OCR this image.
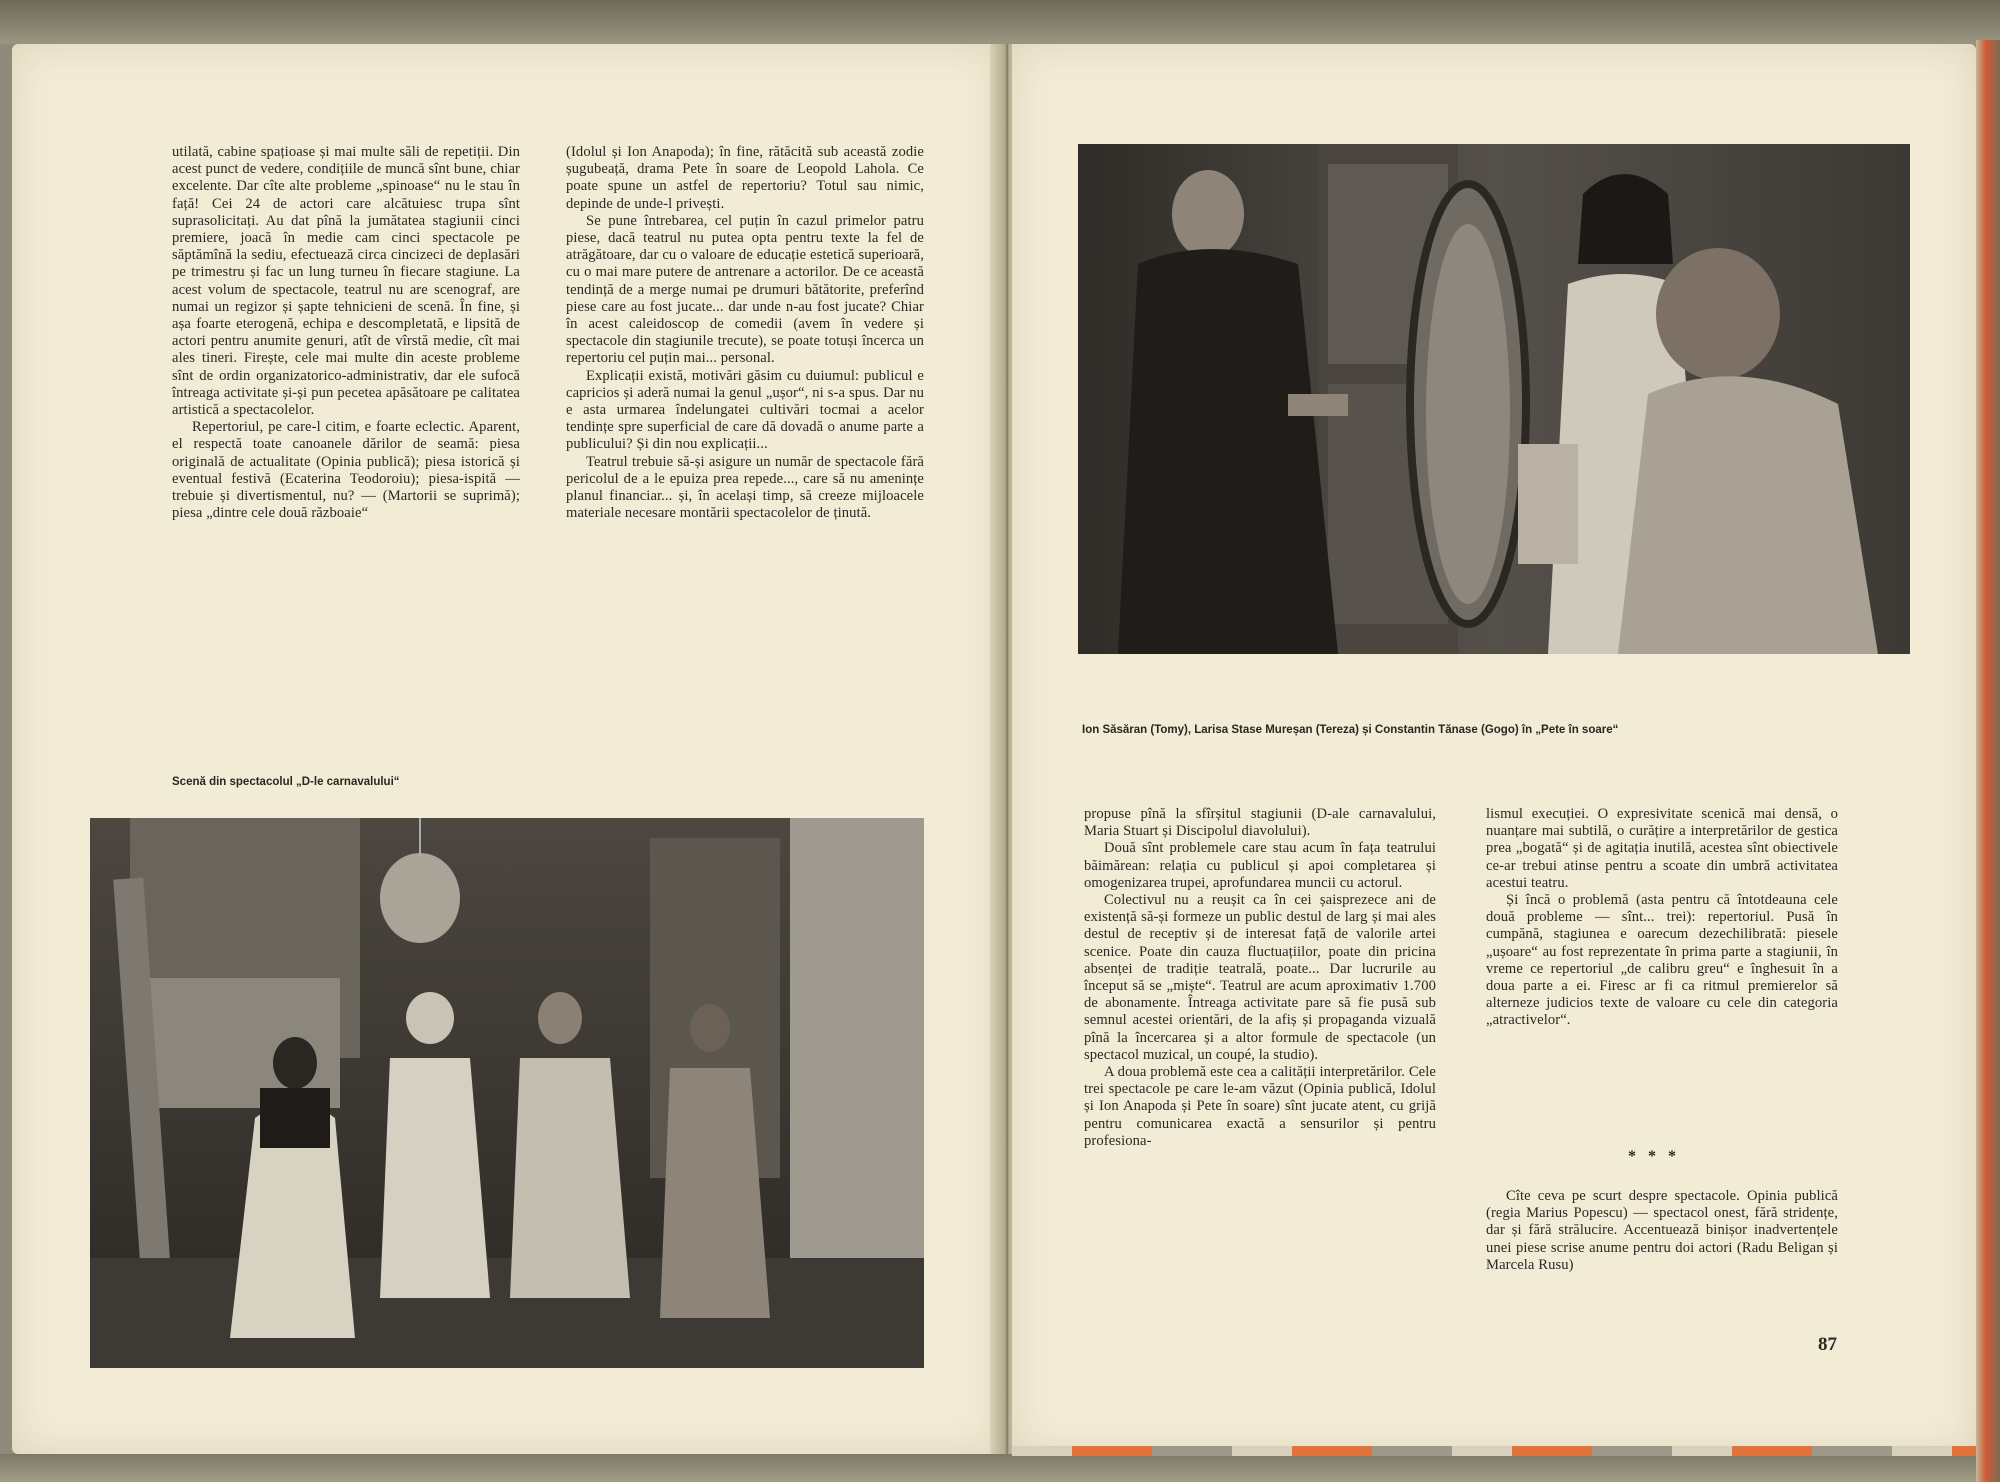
utilată, cabine spațioase și mai multe săli de repetiții. Din acest punct de vedere, condițiile de muncă sînt bune, chiar excelente. Dar cîte alte probleme „spinoase“ nu le stau în față! Cei 24 de actori care alcătuiesc trupa sînt suprasolicitați. Au dat pînă la jumătatea stagiunii cinci premiere, joacă în medie cam cinci spectacole pe săptămînă la sediu, efectuează circa cincizeci de deplasări pe trimestru și fac un lung turneu în fiecare stagiune. La acest volum de spectacole, teatrul nu are scenograf, are numai un regizor și șapte tehnicieni de scenă. În fine, și așa foarte eterogenă, echipa e descompletată, e lipsită de actori pentru anumite genuri, atît de vîrstă medie, cît mai ales tineri. Firește, cele mai multe din aceste probleme sînt de ordin organizatorico-administrativ, dar ele sufocă întreaga activitate și-și pun pecetea apăsătoare pe calitatea artistică a spectacolelor.

Repertoriul, pe care-l citim, e foarte eclectic. Aparent, el respectă toate canoanele dărilor de seamă: piesa originală de actualitate (Opinia publică); piesa istorică și eventual festivă (Ecaterina Teodoroiu); piesa-ispită — trebuie și divertismentul, nu? — (Martorii se suprimă); piesa „dintre cele două războaie“

(Idolul și Ion Anapoda); în fine, rătăcită sub această zodie șugubeață, drama Pete în soare de Leopold Lahola. Ce poate spune un astfel de repertoriu? Totul sau nimic, depinde de unde-l privești.

Se pune întrebarea, cel puțin în cazul primelor patru piese, dacă teatrul nu putea opta pentru texte la fel de atrăgătoare, dar cu o valoare de educație estetică superioară, cu o mai mare putere de antrenare a actorilor. De ce această tendință de a merge numai pe drumuri bătătorite, preferînd piese care au fost jucate... dar unde n-au fost jucate? Chiar în acest caleidoscop de comedii (avem în vedere și spectacole din stagiunile trecute), se poate totuși încerca un repertoriu cel puțin mai... personal.

Explicații există, motivări găsim cu duiumul: publicul e capricios și aderă numai la genul „ușor“, ni s-a spus. Dar nu e asta urmarea îndelungatei cultivări tocmai a acelor tendințe spre superficial de care dă dovadă o anume parte a publicului? Și din nou explicații...

Teatrul trebuie să-și asigure un număr de spectacole fără pericolul de a le epuiza prea repede..., care să nu amenințe planul financiar... și, în același timp, să creeze mijloacele materiale necesare montării spectacolelor de ținută.

Scenă din spectacolul „D-le carnavalului“
Ion Săsăran (Tomy), Larisa Stase Mureșan (Tereza) și Constantin Tănase (Gogo) în „Pete în soare“

propuse pînă la sfîrșitul stagiunii (D-ale carnavalului, Maria Stuart și Discipolul diavolului).

Două sînt problemele care stau acum în fața teatrului băimărean: relația cu publicul și apoi completarea și omogenizarea trupei, aprofundarea muncii cu actorul.

Colectivul nu a reușit ca în cei șaisprezece ani de existență să-și formeze un public destul de larg și mai ales destul de receptiv și de interesat față de valorile artei scenice. Poate din cauza fluctuațiilor, poate din pricina absenței de tradiție teatrală, poate... Dar lucrurile au început să se „miște“. Teatrul are acum aproximativ 1.700 de abonamente. Întreaga activitate pare să fie pusă sub semnul acestei orientări, de la afiș și propaganda vizuală pînă la încercarea și a altor formule de spectacole (un spectacol muzical, un coupé, la studio).

A doua problemă este cea a calității interpretărilor. Cele trei spectacole pe care le-am văzut (Opinia publică, Idolul și Ion Anapoda și Pete în soare) sînt jucate atent, cu grijă pentru comunicarea exactă a sensurilor și pentru profesiona-

lismul execuției. O expresivitate scenică mai densă, o nuanțare mai subtilă, o curățire a interpretărilor de gestica prea „bogată“ și de agitația inutilă, acestea sînt obiectivele ce-ar trebui atinse pentru a scoate din umbră activitatea acestui teatru.

Și încă o problemă (asta pentru că întotdeauna cele două probleme — sînt... trei): repertoriul. Pusă în cumpănă, stagiunea e oarecum dezechilibrată: piesele „ușoare“ au fost reprezentate în prima parte a stagiunii, în vreme ce repertoriul „de calibru greu“ e înghesuit în a doua parte a ei. Firesc ar fi ca ritmul premierelor să alterneze judicios texte de valoare cu cele din categoria „atractivelor“.

* * *

Cîte ceva pe scurt despre spectacole. Opinia publică (regia Marius Popescu) — spectacol onest, fără stridențe, dar și fără strălucire. Accentuează binișor inadvertențele unei piese scrise anume pentru doi actori (Radu Beligan și Marcela Rusu)

87
